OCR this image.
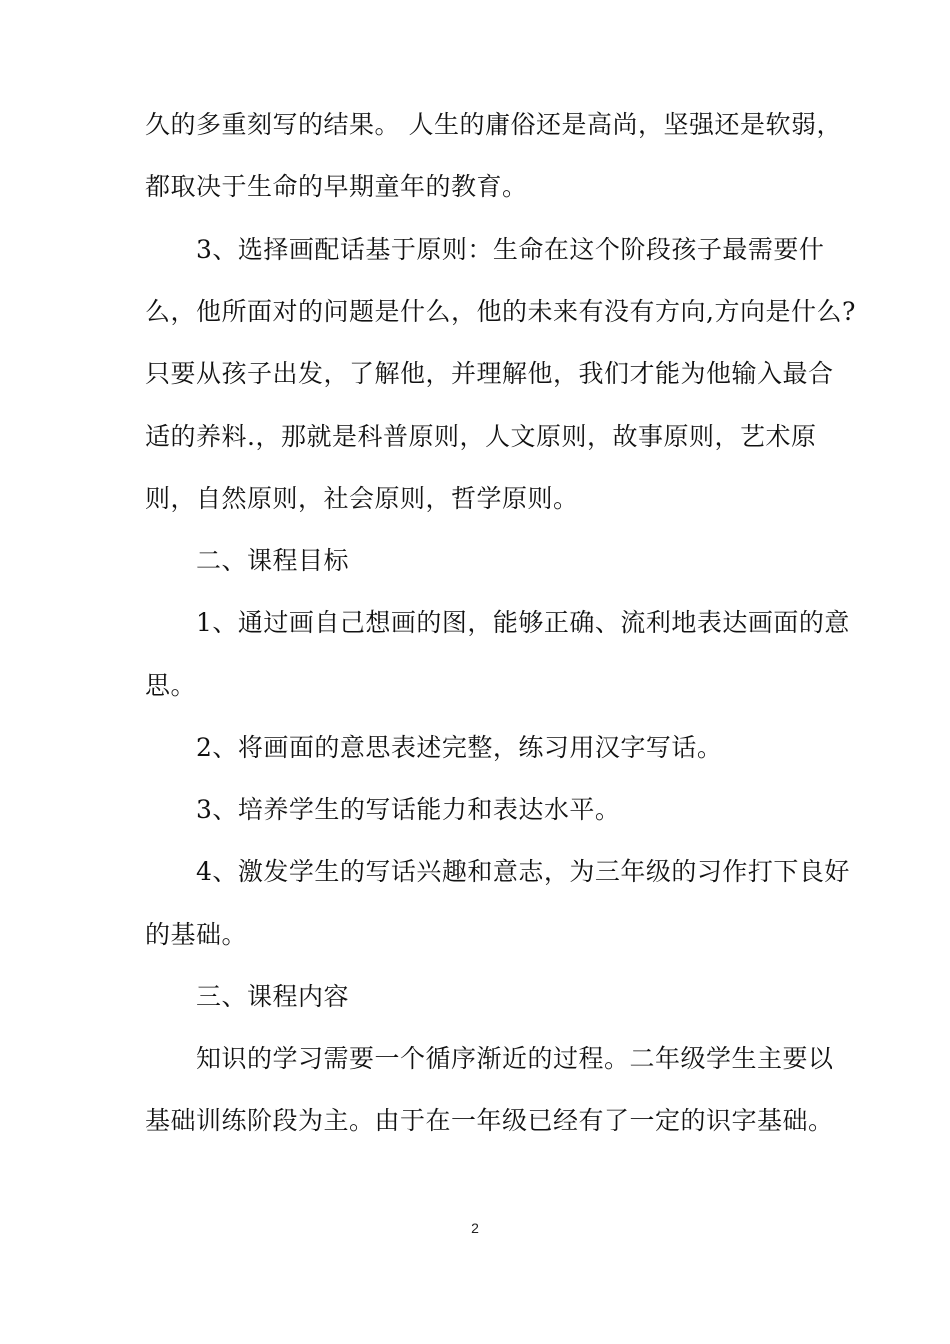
久的多重刻写的结果。 人生的庸俗还是高尚，坚强还是软弱，
都取决于生命的早期童年的教育。
　　3、选择画配话基于原则：生命在这个阶段孩子最需要什
么，他所面对的问题是什么，他的未来有没有方向,方向是什么?
只要从孩子出发，了解他，并理解他，我们才能为他输入最合
适的养料.，那就是科普原则，人文原则，故事原则，艺术原
则，自然原则，社会原则，哲学原则。
　　二、课程目标
　　1、通过画自己想画的图，能够正确、流利地表达画面的意
思。
　　2、将画面的意思表述完整，练习用汉字写话。
　　3、培养学生的写话能力和表达水平。
　　4、激发学生的写话兴趣和意志，为三年级的习作打下良好
的基础。
　　三、课程内容
　　知识的学习需要一个循序渐近的过程。二年级学生主要以
基础训练阶段为主。由于在一年级已经有了一定的识字基础。
2
